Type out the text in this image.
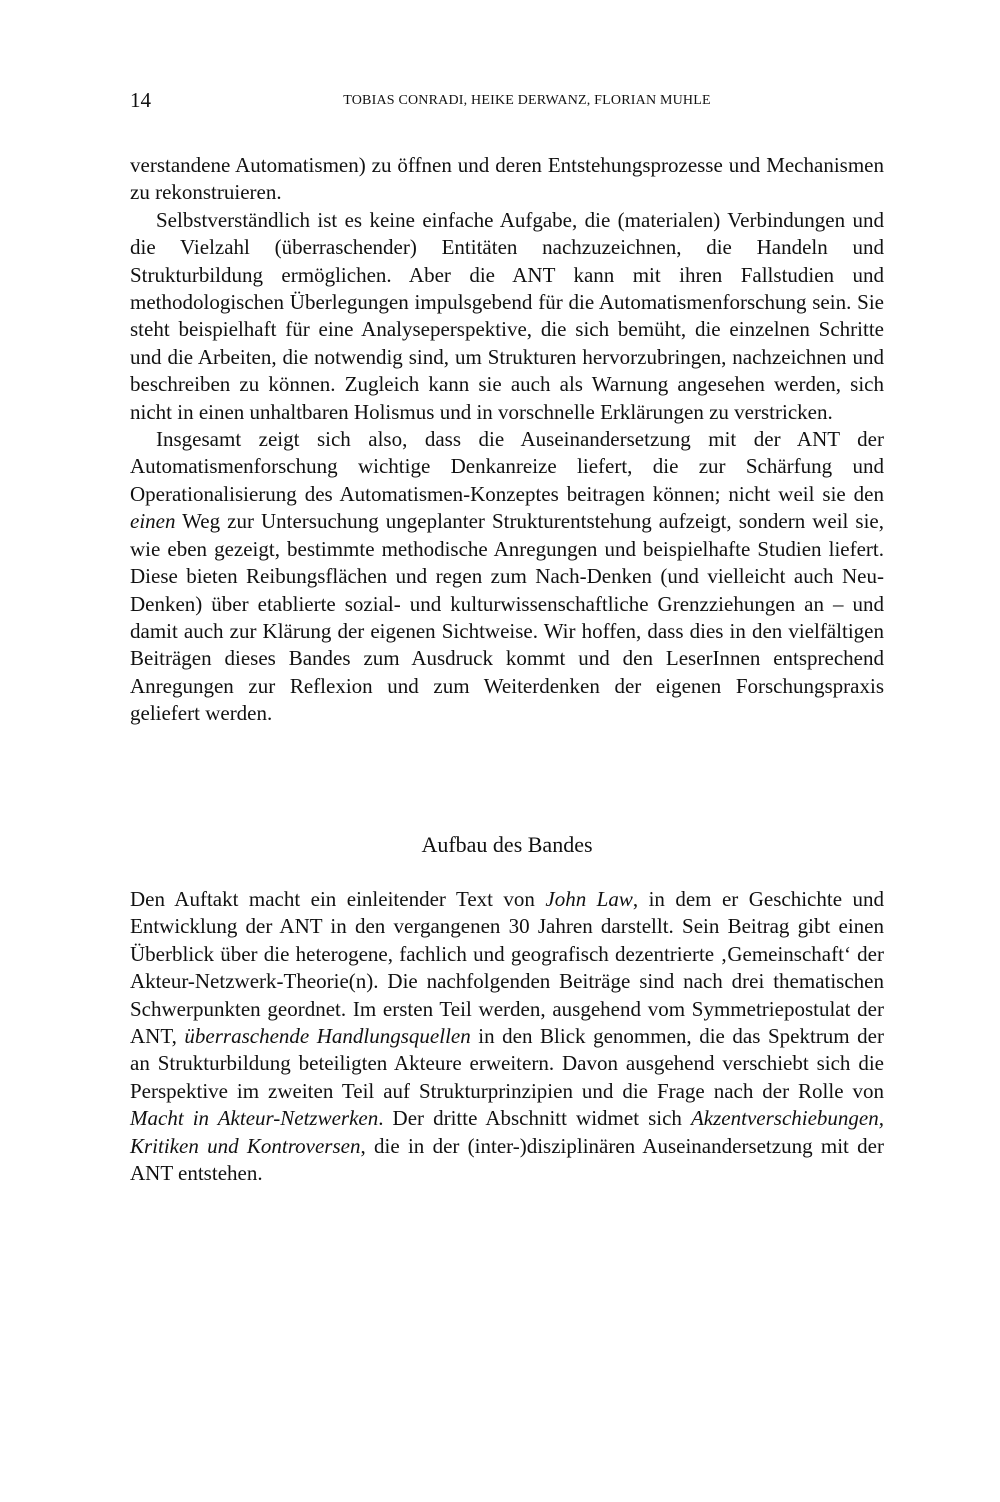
14	TOBIAS CONRADI, HEIKE DERWANZ, FLORIAN MUHLE

verstandene Automatismen) zu öffnen und deren Entstehungsprozesse und Mechanismen zu rekonstruieren.

Selbstverständlich ist es keine einfache Aufgabe, die (materialen) Verbindungen und die Vielzahl (überraschender) Entitäten nachzuzeichnen, die Handeln und Strukturbildung ermöglichen. Aber die ANT kann mit ihren Fallstudien und methodologischen Überlegungen impulsgebend für die Automatismenforschung sein. Sie steht beispielhaft für eine Analyseperspektive, die sich bemüht, die einzelnen Schritte und die Arbeiten, die notwendig sind, um Strukturen hervorzubringen, nachzeichnen und beschreiben zu können. Zugleich kann sie auch als Warnung angesehen werden, sich nicht in einen unhaltbaren Holismus und in vorschnelle Erklärungen zu verstricken.

Insgesamt zeigt sich also, dass die Auseinandersetzung mit der ANT der Automatismenforschung wichtige Denkanreize liefert, die zur Schärfung und Operationalisierung des Automatismen-Konzeptes beitragen können; nicht weil sie den einen Weg zur Untersuchung ungeplanter Strukturentstehung aufzeigt, sondern weil sie, wie eben gezeigt, bestimmte methodische Anregungen und beispielhafte Studien liefert. Diese bieten Reibungsflächen und regen zum Nach-Denken (und vielleicht auch Neu-Denken) über etablierte sozial- und kulturwissenschaftliche Grenzziehungen an – und damit auch zur Klärung der eigenen Sichtweise. Wir hoffen, dass dies in den vielfältigen Beiträgen dieses Bandes zum Ausdruck kommt und den LeserInnen entsprechend Anregungen zur Reflexion und zum Weiterdenken der eigenen Forschungspraxis geliefert werden.

Aufbau des Bandes

Den Auftakt macht ein einleitender Text von John Law, in dem er Geschichte und Entwicklung der ANT in den vergangenen 30 Jahren darstellt. Sein Beitrag gibt einen Überblick über die heterogene, fachlich und geografisch dezentrierte ‚Gemeinschaft‘ der Akteur-Netzwerk-Theorie(n). Die nachfolgenden Beiträge sind nach drei thematischen Schwerpunkten geordnet. Im ersten Teil werden, ausgehend vom Symmetriepostulat der ANT, überraschende Handlungsquellen in den Blick genommen, die das Spektrum der an Strukturbildung beteiligten Akteure erweitern. Davon ausgehend verschiebt sich die Perspektive im zweiten Teil auf Strukturprinzipien und die Frage nach der Rolle von Macht in Akteur-Netzwerken. Der dritte Abschnitt widmet sich Akzentverschiebungen, Kritiken und Kontroversen, die in der (inter-)disziplinären Auseinandersetzung mit der ANT entstehen.
